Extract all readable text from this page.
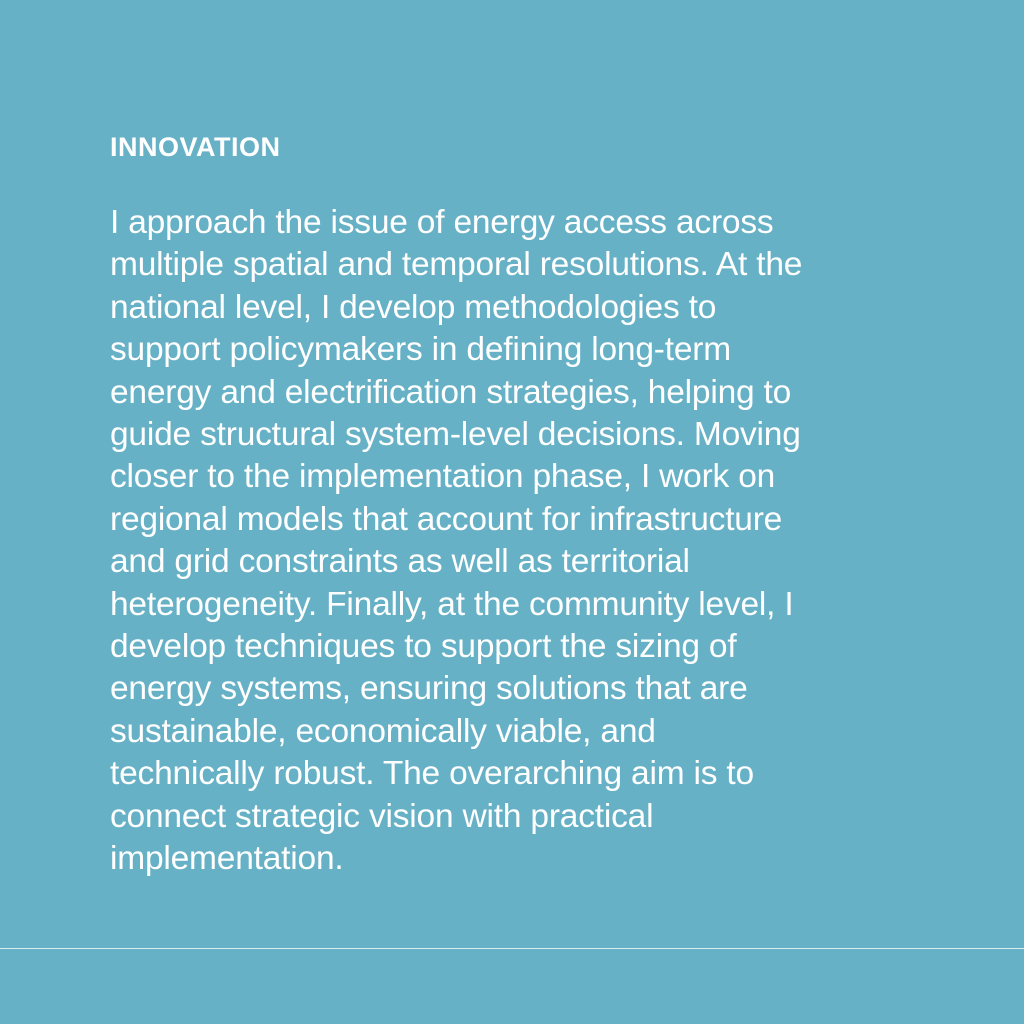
INNOVATION

I approach the issue of energy access across
multiple spatial and temporal resolutions. At the
national level, I develop methodologies to
support policymakers in defining long-term
energy and electrification strategies, helping to
guide structural system-level decisions. Moving
closer to the implementation phase, I work on
regional models that account for infrastructure
and grid constraints as well as territorial
heterogeneity. Finally, at the community level, I
develop techniques to support the sizing of
energy systems, ensuring solutions that are
sustainable, economically viable, and
technically robust. The overarching aim is to
connect strategic vision with practical
implementation.
